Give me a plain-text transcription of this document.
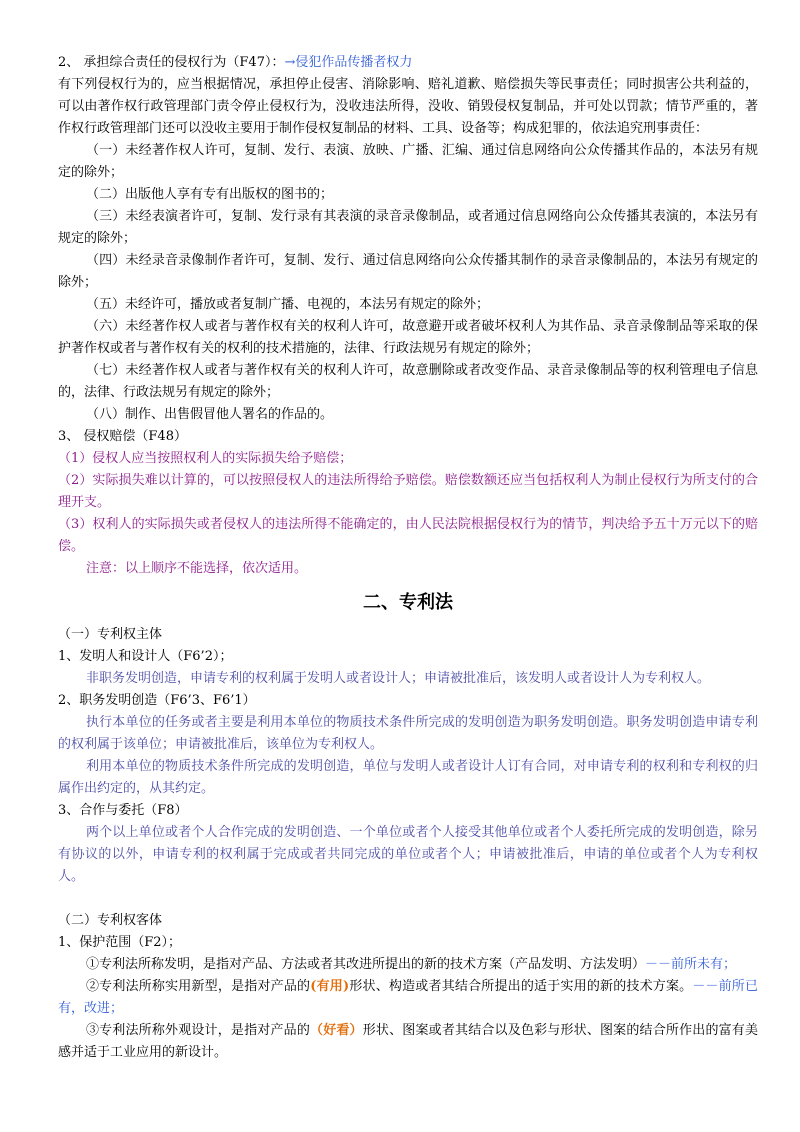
2、 承担综合责任的侵权行为（F47）：→侵犯作品传播者权力

有下列侵权行为的，应当根据情况，承担停止侵害、消除影响、赔礼道歉、赔偿损失等民事责任；同时损害公共利益的，可以由著作权行政管理部门责令停止侵权行为，没收违法所得，没收、销毁侵权复制品，并可处以罚款；情节严重的，著作权行政管理部门还可以没收主要用于制作侵权复制品的材料、工具、设备等；构成犯罪的，依法追究刑事责任：

（一）未经著作权人许可，复制、发行、表演、放映、广播、汇编、通过信息网络向公众传播其作品的，本法另有规定的除外；

（二）出版他人享有专有出版权的图书的；

（三）未经表演者许可，复制、发行录有其表演的录音录像制品，或者通过信息网络向公众传播其表演的，本法另有规定的除外；

（四）未经录音录像制作者许可，复制、发行、通过信息网络向公众传播其制作的录音录像制品的，本法另有规定的除外；

（五）未经许可，播放或者复制广播、电视的，本法另有规定的除外；

（六）未经著作权人或者与著作权有关的权利人许可，故意避开或者破坏权利人为其作品、录音录像制品等采取的保护著作权或者与著作权有关的权利的技术措施的，法律、行政法规另有规定的除外；

（七）未经著作权人或者与著作权有关的权利人许可，故意删除或者改变作品、录音录像制品等的权利管理电子信息的，法律、行政法规另有规定的除外；

（八）制作、出售假冒他人署名的作品的。

3、 侵权赔偿（F48）

（1）侵权人应当按照权利人的实际损失给予赔偿；

（2）实际损失难以计算的，可以按照侵权人的违法所得给予赔偿。赔偿数额还应当包括权利人为制止侵权行为所支付的合理开支。

（3）权利人的实际损失或者侵权人的违法所得不能确定的，由人民法院根据侵权行为的情节，判决给予五十万元以下的赔偿。

注意：以上顺序不能选择，依次适用。

二、专利法

（一）专利权主体

1、发明人和设计人（F6’2）；

非职务发明创造，申请专利的权利属于发明人或者设计人；申请被批准后，该发明人或者设计人为专利权人。

2、职务发明创造（F6’3、F6’1）

执行本单位的任务或者主要是利用本单位的物质技术条件所完成的发明创造为职务发明创造。职务发明创造申请专利的权利属于该单位；申请被批准后，该单位为专利权人。

利用本单位的物质技术条件所完成的发明创造，单位与发明人或者设计人订有合同，对申请专利的权利和专利权的归属作出约定的，从其约定。

3、合作与委托（F8）

两个以上单位或者个人合作完成的发明创造、一个单位或者个人接受其他单位或者个人委托所完成的发明创造，除另有协议的以外，申请专利的权利属于完成或者共同完成的单位或者个人；申请被批准后，申请的单位或者个人为专利权人。

（二）专利权客体

1、保护范围（F2）；

①专利法所称发明，是指对产品、方法或者其改进所提出的新的技术方案（产品发明、方法发明）－－前所未有；

②专利法所称实用新型，是指对产品的(有用)形状、构造或者其结合所提出的适于实用的新的技术方案。－－前所已有，改进；

③专利法所称外观设计，是指对产品的（好看）形状、图案或者其结合以及色彩与形状、图案的结合所作出的富有美感并适于工业应用的新设计。
